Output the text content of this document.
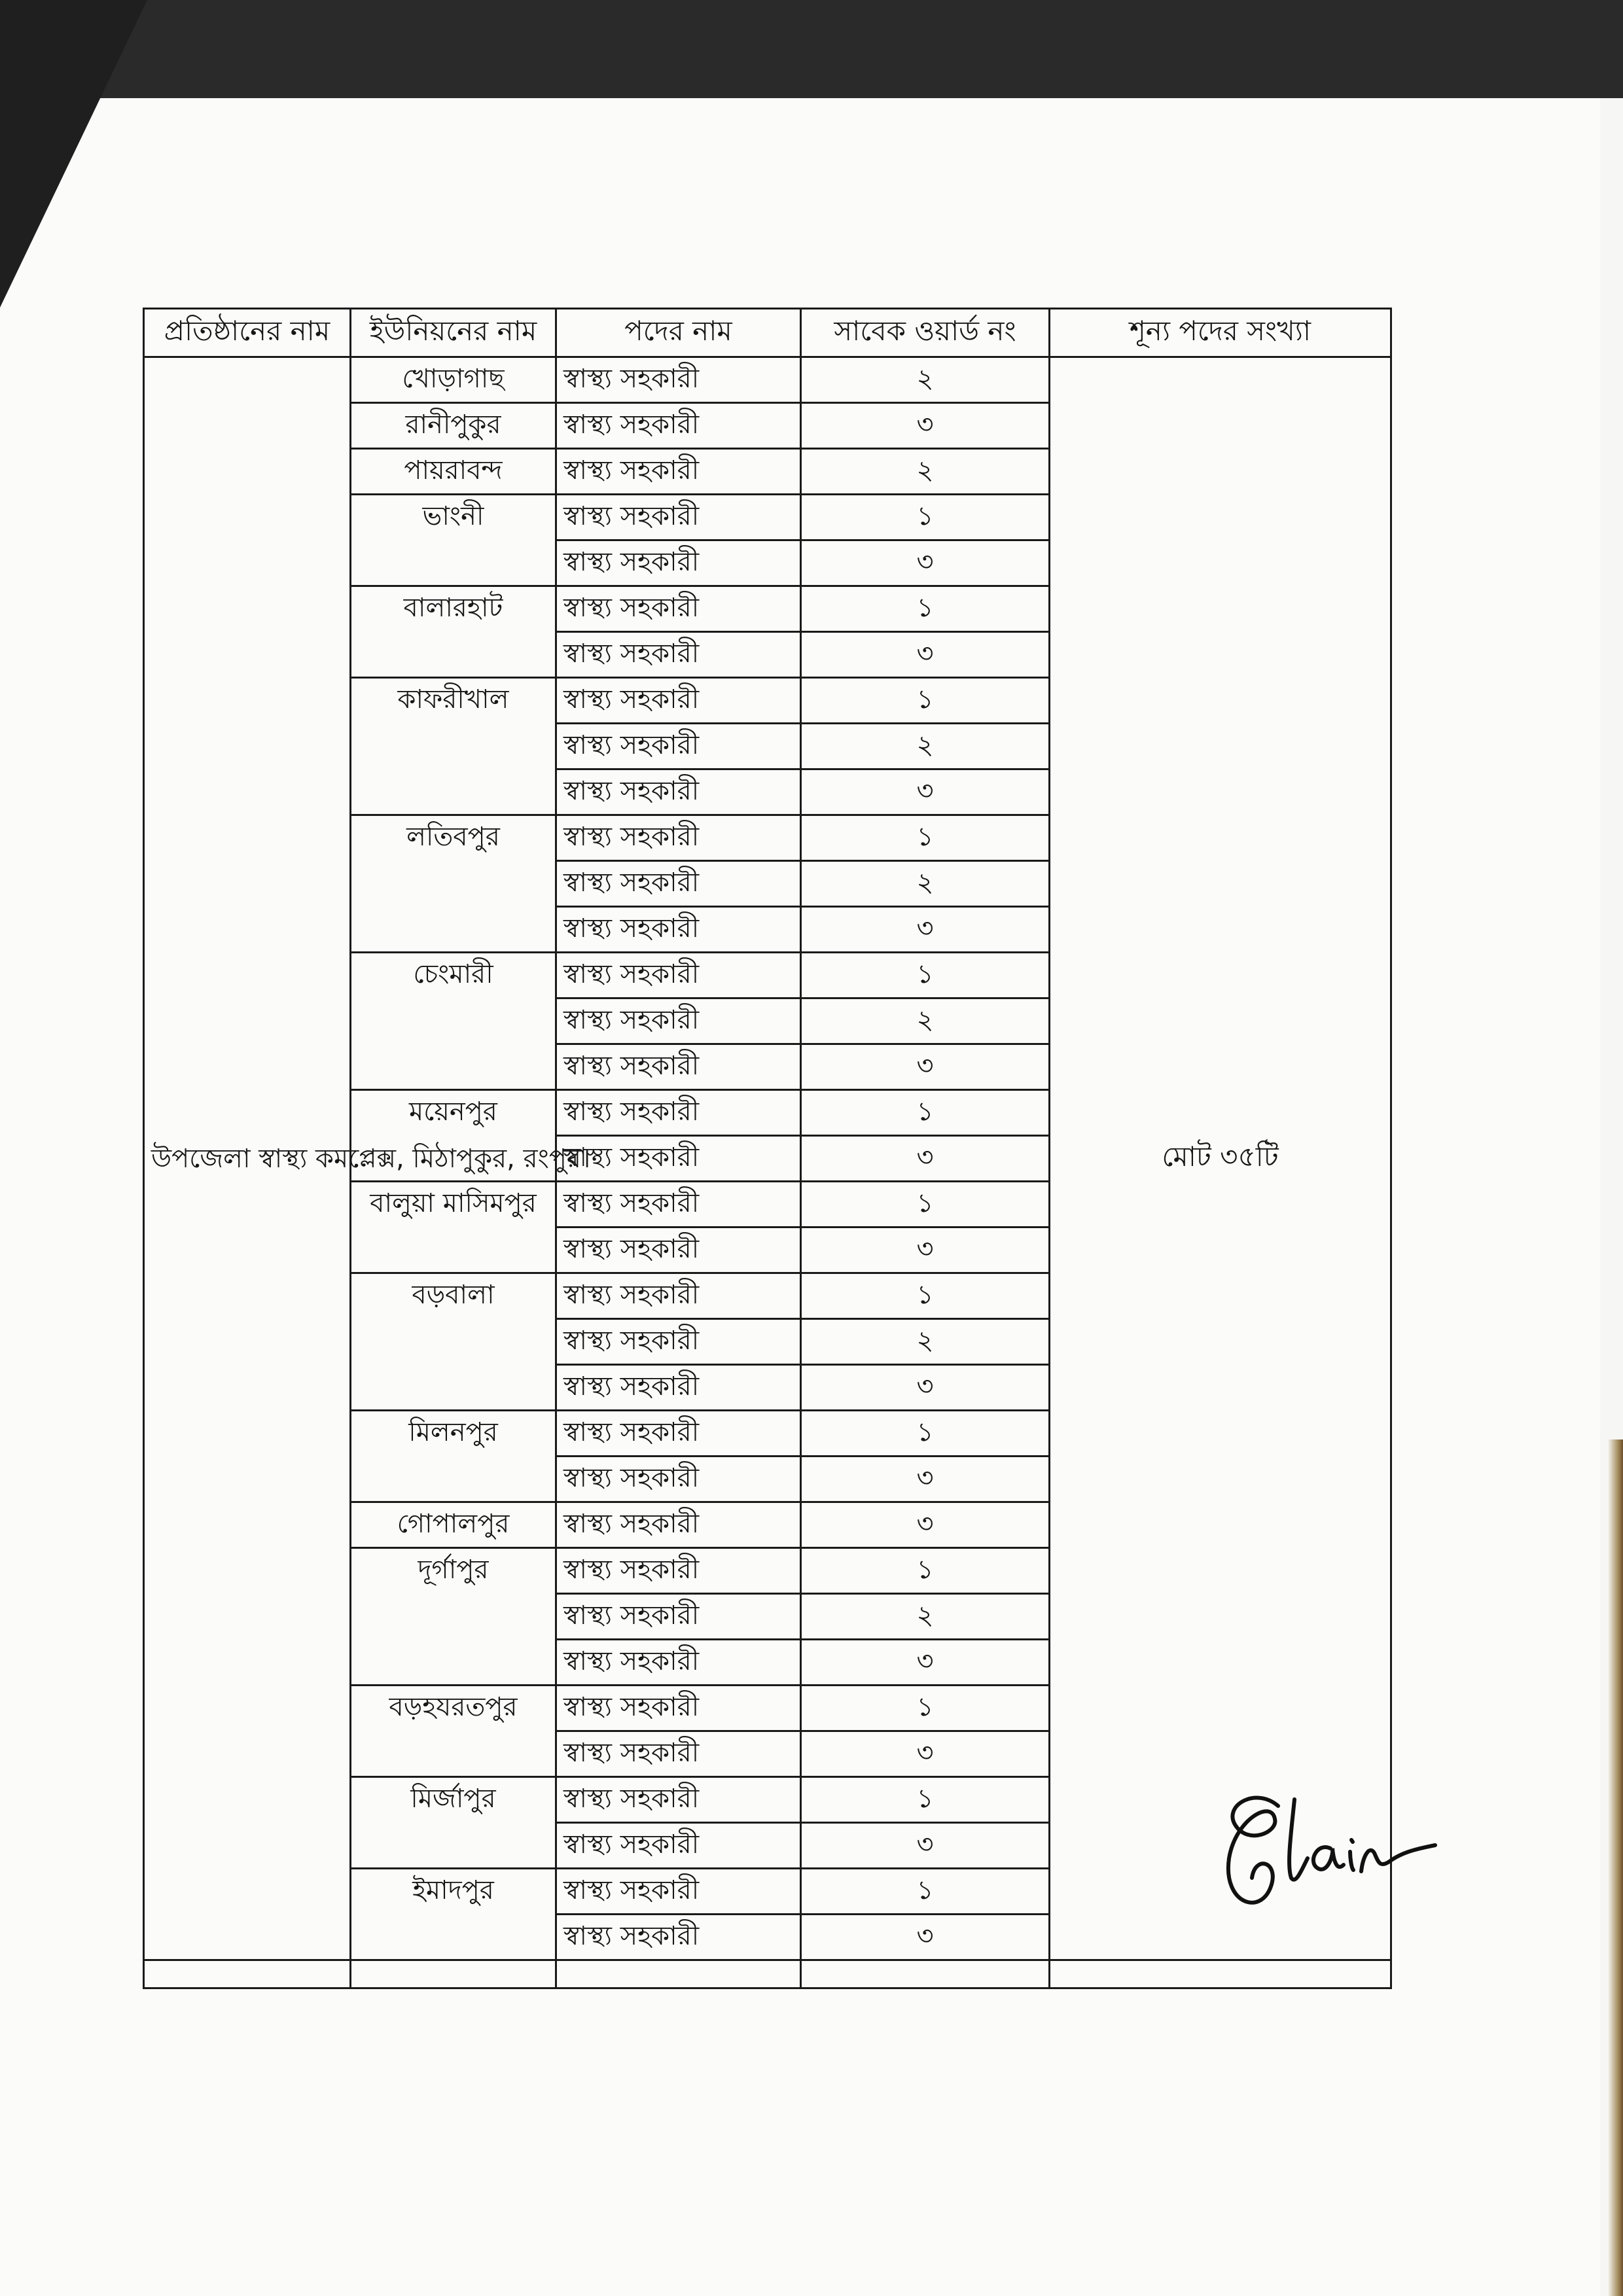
প্রতিষ্ঠানের নাম	ইউনিয়নের নাম	পদের নাম	সাবেক ওয়ার্ড নং	শূন্য পদের সংখ্যা
উপজেলা স্বাস্থ্য কমপ্লেক্স, মিঠাপুকুর, রংপুর।	খোড়াগাছ	স্বাস্থ্য সহকারী	২	মোট ৩৫টি
	রানীপুকুর	স্বাস্থ্য সহকারী	৩	
	পায়রাবন্দ	স্বাস্থ্য সহকারী	২	
	ভাংনী	স্বাস্থ্য সহকারী	১	
		স্বাস্থ্য সহকারী	৩	
	বালারহাট	স্বাস্থ্য সহকারী	১	
		স্বাস্থ্য সহকারী	৩	
	কাফরীখাল	স্বাস্থ্য সহকারী	১	
		স্বাস্থ্য সহকারী	২	
		স্বাস্থ্য সহকারী	৩	
	লতিবপুর	স্বাস্থ্য সহকারী	১	
		স্বাস্থ্য সহকারী	২	
		স্বাস্থ্য সহকারী	৩	
	চেংমারী	স্বাস্থ্য সহকারী	১	
		স্বাস্থ্য সহকারী	২	
		স্বাস্থ্য সহকারী	৩	
	ময়েনপুর	স্বাস্থ্য সহকারী	১	
		স্বাস্থ্য সহকারী	৩	
	বালুয়া মাসিমপুর	স্বাস্থ্য সহকারী	১	
		স্বাস্থ্য সহকারী	৩	
	বড়বালা	স্বাস্থ্য সহকারী	১	
		স্বাস্থ্য সহকারী	২	
		স্বাস্থ্য সহকারী	৩	
	মিলনপুর	স্বাস্থ্য সহকারী	১	
		স্বাস্থ্য সহকারী	৩	
	গোপালপুর	স্বাস্থ্য সহকারী	৩	
	দূর্গাপুর	স্বাস্থ্য সহকারী	১	
		স্বাস্থ্য সহকারী	২	
		স্বাস্থ্য সহকারী	৩	
	বড়হযরতপুর	স্বাস্থ্য সহকারী	১	
		স্বাস্থ্য সহকারী	৩	
	মির্জাপুর	স্বাস্থ্য সহকারী	১	
		স্বাস্থ্য সহকারী	৩	
	ইমাদপুর	স্বাস্থ্য সহকারী	১	
		স্বাস্থ্য সহকারী	৩	
